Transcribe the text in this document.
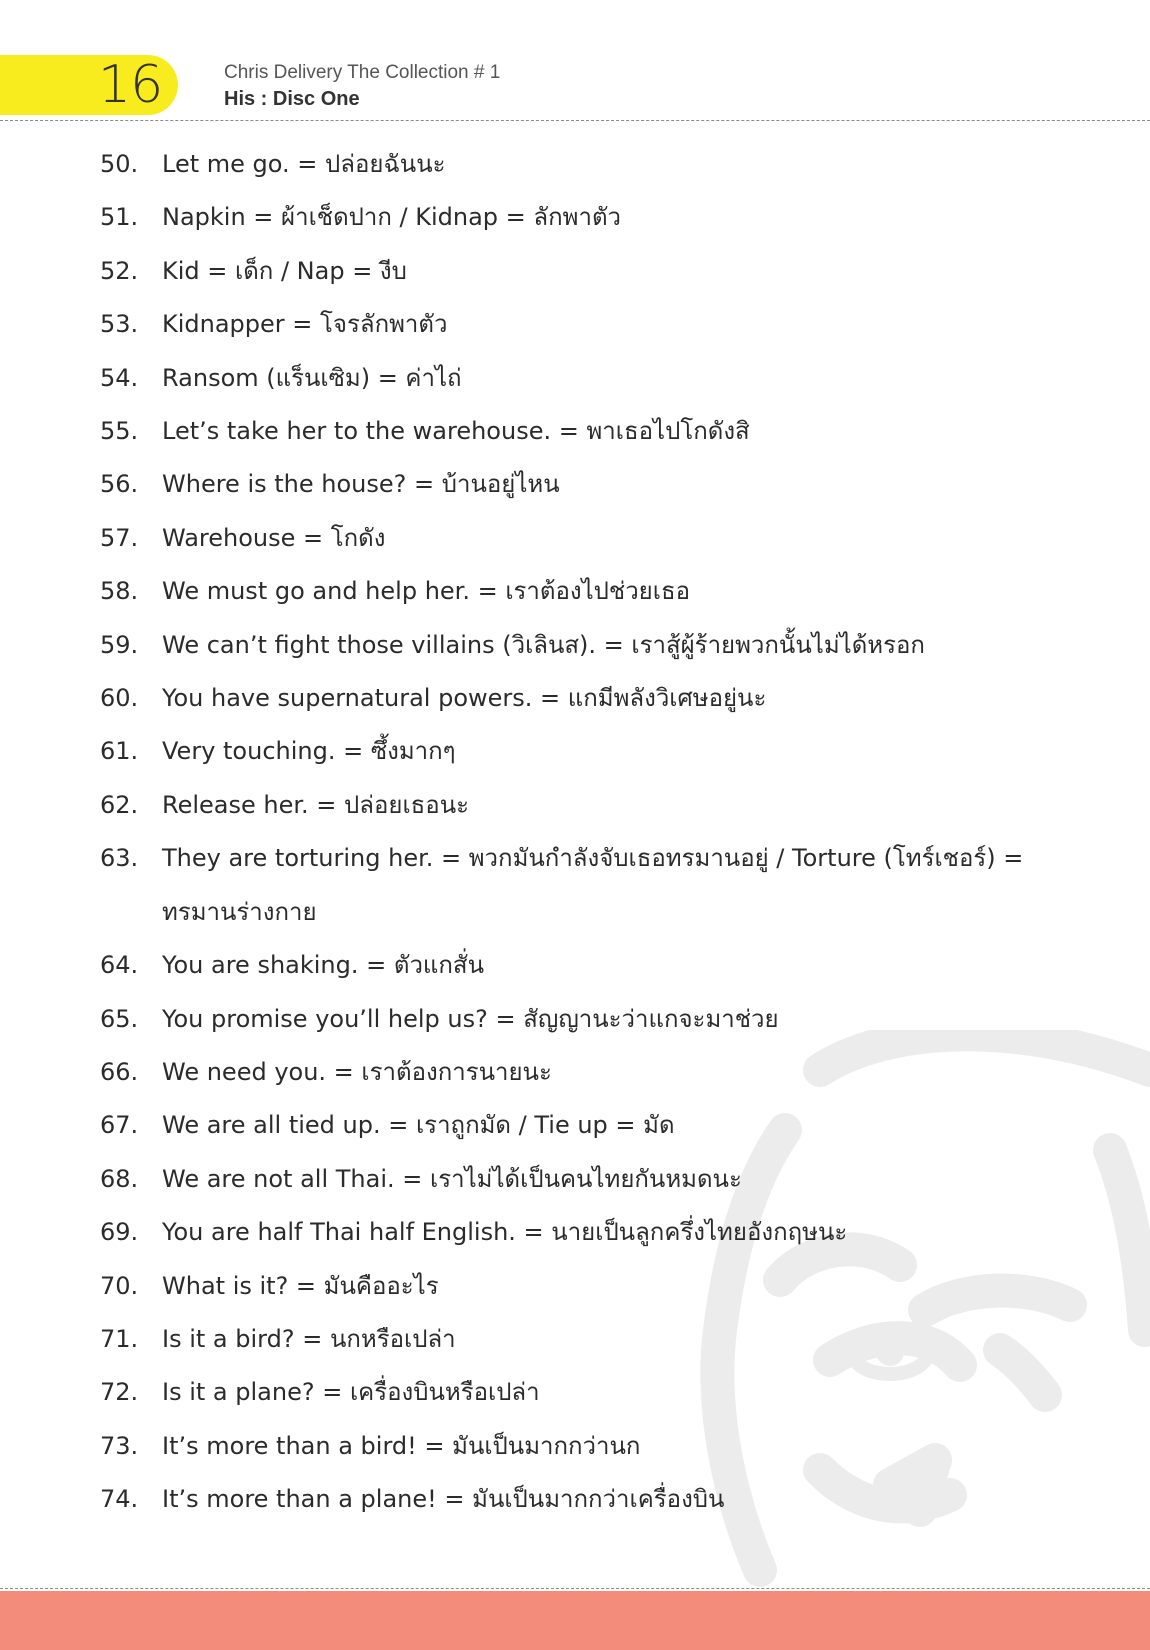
16	Chris Delivery The Collection # 1
His : Disc One
50. Let me go. = ปล่อยฉันนะ
51. Napkin = ผ้าเช็ดปาก / Kidnap = ลักพาตัว
52. Kid = เด็ก / Nap = งีบ
53. Kidnapper = โจรลักพาตัว
54. Ransom (แร็นเซิม) = ค่าไถ่
55. Let’s take her to the warehouse. = พาเธอไปโกดังสิ
56. Where is the house? = บ้านอยู่ไหน
57. Warehouse = โกดัง
58. We must go and help her. = เราต้องไปช่วยเธอ
59. We can’t fight those villains (วิเลินส). = เราสู้ผู้ร้ายพวกนั้นไม่ได้หรอก
60. You have supernatural powers. = แกมีพลังวิเศษอยู่นะ
61. Very touching. = ซึ้งมากๆ
62. Release her. = ปล่อยเธอนะ
63. They are torturing her. = พวกมันกำลังจับเธอทรมานอยู่ / Torture (โทร์เชอร์) = ทรมานร่างกาย
64. You are shaking. = ตัวแกสั่น
65. You promise you’ll help us? = สัญญานะว่าแกจะมาช่วย
66. We need you. = เราต้องการนายนะ
67. We are all tied up. = เราถูกมัด / Tie up = มัด
68. We are not all Thai. = เราไม่ได้เป็นคนไทยกันหมดนะ
69. You are half Thai half English. = นายเป็นลูกครึ่งไทยอังกฤษนะ
70. What is it? = มันคืออะไร
71. Is it a bird? = นกหรือเปล่า
72. Is it a plane? = เครื่องบินหรือเปล่า
73. It’s more than a bird! = มันเป็นมากกว่านก
74. It’s more than a plane! = มันเป็นมากกว่าเครื่องบิน
